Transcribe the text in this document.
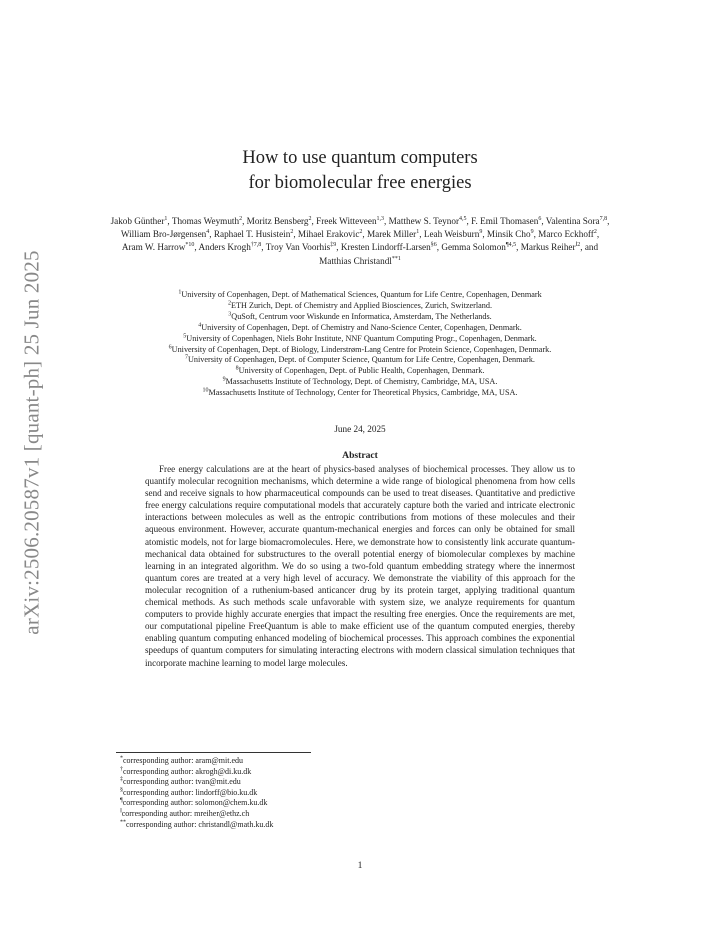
arXiv:2506.20587v1 [quant-ph] 25 Jun 2025
How to use quantum computers
for biomolecular free energies
Jakob Günther$^1$, Thomas Weymuth$^2$, Moritz Bensberg$^2$, Freek Witteveen$^{1,3}$, Matthew S. Teynor$^{4,5}$, F. Emil Thomasen$^6$, Valentina Sora$^{7,8}$, William Bro-Jørgensen$^4$, Raphael T. Husistein$^2$, Mihael Erakovic$^2$, Marek Miller$^1$, Leah Weisburn$^9$, Minsik Cho$^9$, Marco Eckhoff$^2$, Aram W. Harrow$^{*10}$, Anders Krogh$^{\dagger 7,8}$, Troy Van Voorhis$^{\ddagger 9}$, Kresten Lindorff-Larsen$^{\S 6}$, Gemma Solomon$^{\P 4,5}$, Markus Reiher$^{‖2}$, and Matthias Christandl$^{**1}$
$^1$University of Copenhagen, Dept. of Mathematical Sciences, Quantum for Life Centre, Copenhagen, Denmark
$^2$ETH Zurich, Dept. of Chemistry and Applied Biosciences, Zurich, Switzerland.
$^3$QuSoft, Centrum voor Wiskunde en Informatica, Amsterdam, The Netherlands.
$^4$University of Copenhagen, Dept. of Chemistry and Nano-Science Center, Copenhagen, Denmark.
$^5$University of Copenhagen, Niels Bohr Institute, NNF Quantum Computing Progr., Copenhagen, Denmark.
$^6$University of Copenhagen, Dept. of Biology, Linderstrøm-Lang Centre for Protein Science, Copenhagen, Denmark.
$^7$University of Copenhagen, Dept. of Computer Science, Quantum for Life Centre, Copenhagen, Denmark.
$^8$University of Copenhagen, Dept. of Public Health, Copenhagen, Denmark.
$^9$Massachusetts Institute of Technology, Dept. of Chemistry, Cambridge, MA, USA.
$^{10}$Massachusetts Institute of Technology, Center for Theoretical Physics, Cambridge, MA, USA.
June 24, 2025
Abstract

Free energy calculations are at the heart of physics-based analyses of biochemical processes. They allow us to quantify molecular recognition mechanisms, which determine a wide range of biological phenomena from how cells send and receive signals to how pharmaceutical compounds can be used to treat diseases. Quantitative and predictive free energy calculations require computational models that accurately capture both the varied and intricate electronic interactions between molecules as well as the entropic contributions from motions of these molecules and their aqueous environment. However, accurate quantum-mechanical energies and forces can only be obtained for small atomistic models, not for large biomacromolecules. Here, we demonstrate how to consistently link accurate quantum-mechanical data obtained for substructures to the overall potential energy of biomolecular complexes by machine learning in an integrated algorithm. We do so using a two-fold quantum embedding strategy where the innermost quantum cores are treated at a very high level of accuracy. We demonstrate the viability of this approach for the molecular recognition of a ruthenium-based anticancer drug by its protein target, applying traditional quantum chemical methods. As such methods scale unfavorable with system size, we analyze requirements for quantum computers to provide highly accurate energies that impact the resulting free energies. Once the requirements are met, our computational pipeline FreeQuantum is able to make efficient use of the quantum computed energies, thereby enabling quantum computing enhanced modeling of biochemical processes. This approach combines the exponential speedups of quantum computers for simulating interacting electrons with modern classical simulation techniques that incorporate machine learning to model large molecules.

*corresponding author: aram@mit.edu
†corresponding author: akrogh@di.ku.dk
‡corresponding author: tvan@mit.edu
§corresponding author: lindorff@bio.ku.dk
¶corresponding author: solomon@chem.ku.dk
‖corresponding author: mreiher@ethz.ch
**corresponding author: christandl@math.ku.dk
1
